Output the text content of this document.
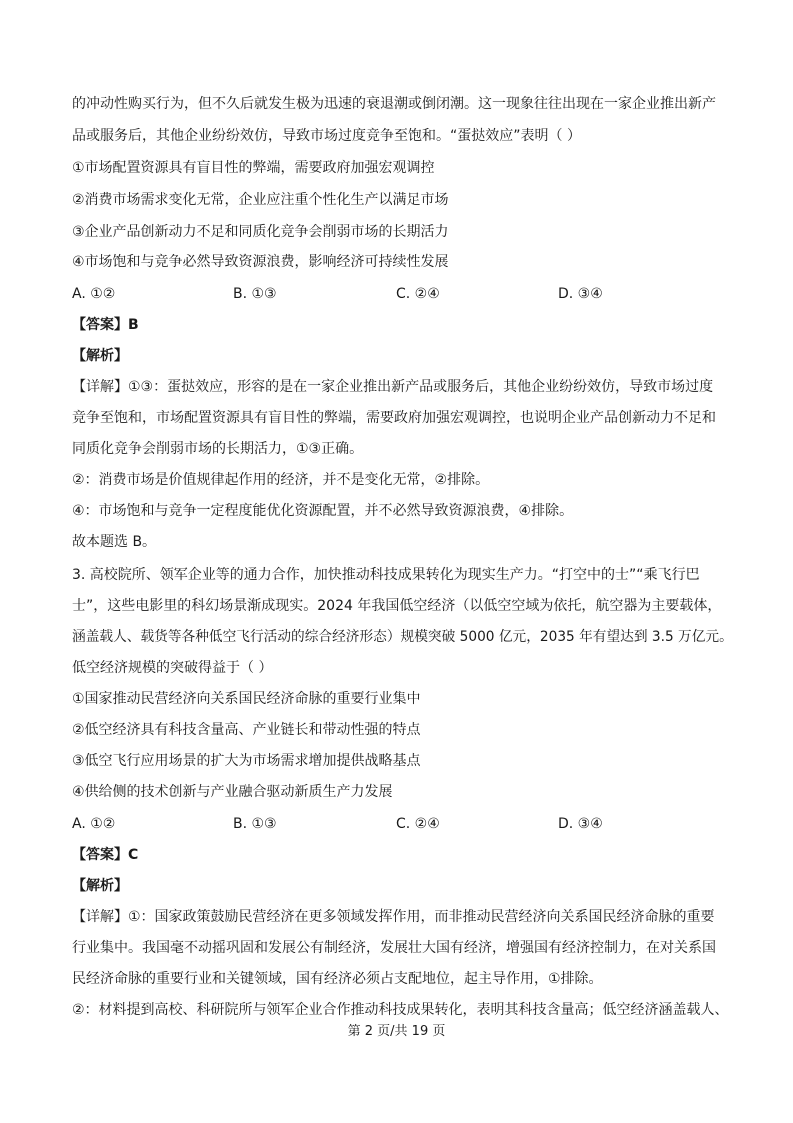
的冲动性购买行为，但不久后就发生极为迅速的衰退潮或倒闭潮。这一现象往往出现在一家企业推出新产
品或服务后，其他企业纷纷效仿，导致市场过度竞争至饱和。“蛋挞效应”表明（ ）
①市场配置资源具有盲目性的弊端，需要政府加强宏观调控
②消费市场需求变化无常，企业应注重个性化生产以满足市场
③企业产品创新动力不足和同质化竞争会削弱市场的长期活力
④市场饱和与竞争必然导致资源浪费，影响经济可持续性发展
A. ①②	B. ①③	C. ②④	D. ③④
【答案】B
【解析】
【详解】①③：蛋挞效应，形容的是在一家企业推出新产品或服务后，其他企业纷纷效仿，导致市场过度
竞争至饱和，市场配置资源具有盲目性的弊端，需要政府加强宏观调控，也说明企业产品创新动力不足和
同质化竞争会削弱市场的长期活力，①③正确。
②：消费市场是价值规律起作用的经济，并不是变化无常，②排除。
④：市场饱和与竞争一定程度能优化资源配置，并不必然导致资源浪费，④排除。
故本题选 B。
3. 高校院所、领军企业等的通力合作，加快推动科技成果转化为现实生产力。“打空中的士”“乘飞行巴
士”，这些电影里的科幻场景渐成现实。2024 年我国低空经济（以低空空域为依托，航空器为主要载体，
涵盖载人、载货等各种低空飞行活动的综合经济形态）规模突破 5000 亿元，2035 年有望达到 3.5 万亿元。
低空经济规模的突破得益于（ ）
①国家推动民营经济向关系国民经济命脉的重要行业集中
②低空经济具有科技含量高、产业链长和带动性强的特点
③低空飞行应用场景的扩大为市场需求增加提供战略基点
④供给侧的技术创新与产业融合驱动新质生产力发展
A. ①②	B. ①③	C. ②④	D. ③④
【答案】C
【解析】
【详解】①：国家政策鼓励民营经济在更多领域发挥作用，而非推动民营经济向关系国民经济命脉的重要
行业集中。我国毫不动摇巩固和发展公有制经济，发展壮大国有经济，增强国有经济控制力，在对关系国
民经济命脉的重要行业和关键领域，国有经济必须占支配地位，起主导作用，①排除。
②：材料提到高校、科研院所与领军企业合作推动科技成果转化，表明其科技含量高；低空经济涵盖载人、
第 2 页/共 19 页
